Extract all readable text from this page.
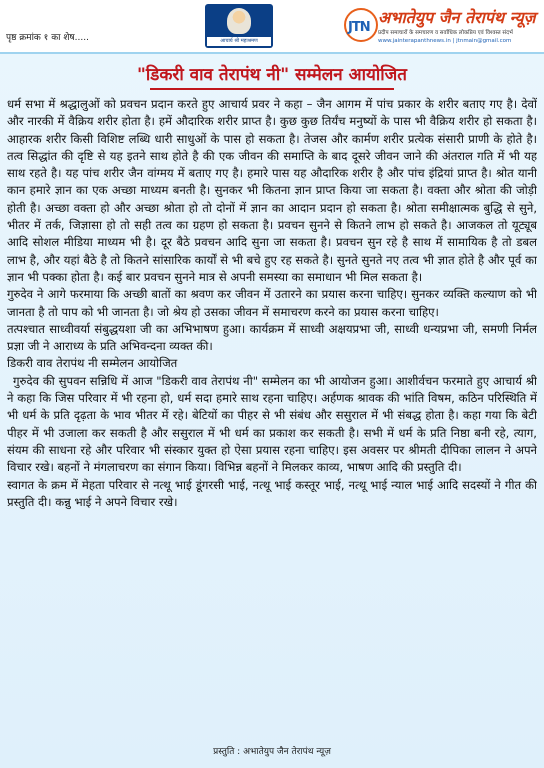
पृष्ठ क्रमांक १ का शेष.....	आचार्य श्री महाश्रमण
JTN
अभातेयुप जैन तेरापंथ न्यूज़
प्रदीप समाचारों के समचारण व सर्वाधिक लोकप्रिय एवं विश्वस्त संदर्भ
www.jainterapanthnews.in | jtnmain@gmail.com
"डिकरी वाव तेरापंथ नी" सम्मेलन आयोजित

धर्म सभा में श्रद्धालुओं को प्रवचन प्रदान करते हुए आचार्य प्रवर ने कहा – जैन आगम में पांच प्रकार के शरीर बताए गए है। देवों और नारकी में वैक्रिय शरीर होता है। हमें औदारिक शरीर प्राप्त है। कुछ कुछ तिर्यंच मनुष्यों के पास भी वैक्रिय शरीर हो सकता है। आहारक शरीर किसी विशिष्ट लब्धि धारी साधुओं के पास हो सकता है। तेजस और कार्मण शरीर प्रत्येक संसारी प्राणी के होते है। तत्व सिद्धांत की दृष्टि से यह इतने साथ होते है की एक जीवन की समाप्ति के बाद दूसरे जीवन जाने की अंतराल गति में भी यह साथ रहते है। यह पांच शरीर जैन वांग्मय में बताए गए है। हमारे पास यह औदारिक शरीर है और पांच इंद्रियां प्राप्त है। श्रोत यानी कान हमारे ज्ञान का एक अच्छा माध्यम बनती है। सुनकर भी कितना ज्ञान प्राप्त किया जा सकता है। वक्ता और श्रोता की जोड़ी होती है। अच्छा वक्ता हो और अच्छा श्रोता हो तो दोनों में ज्ञान का आदान प्रदान हो सकता है। श्रोता समीक्षात्मक बुद्धि से सुने, भीतर में तर्क, जिज्ञासा हो तो सही तत्व का ग्रहण हो सकता है। प्रवचन सुनने से कितने लाभ हो सकते है। आजकल तो यूट्यूब आदि सोशल मीडिया माध्यम भी है। दूर बैठे प्रवचन आदि सुना जा सकता है। प्रवचन सुन रहे है साथ में सामायिक है तो डबल लाभ है, और यहां बैठे है तो कितने सांसारिक कार्यों से भी बचे हुए रह सकते है। सुनते सुनते नए तत्व भी ज्ञात होते है और पूर्व का ज्ञान भी पक्का होता है। कई बार प्रवचन सुनने मात्र से अपनी समस्या का समाधान भी मिल सकता है।

गुरुदेव ने आगे फरमाया कि अच्छी बातों का श्रवण कर जीवन में उतारने का प्रयास करना चाहिए। सुनकर व्यक्ति कल्याण को भी जानता है तो पाप को भी जानता है। जो श्रेय हो उसका जीवन में समाचरण करने का प्रयास करना चाहिए।

तत्पश्चात साध्वीवर्या संबुद्धयशा जी का अभिभाषण हुआ। कार्यक्रम में साध्वी अक्षयप्रभा जी, साध्वी धन्यप्रभा जी, समणी निर्मल प्रज्ञा जी ने आराध्य के प्रति अभिवन्दना व्यक्त की।

डिकरी वाव तेरापंथ नी सम्मेलन आयोजित

गुरुदेव की सुपवन सन्निधि में आज "डिकरी वाव तेरापंथ नी" सम्मेलन का भी आयोजन हुआ। आशीर्वचन फरमाते हुए आचार्य श्री ने कहा कि जिस परिवार में भी रहना हो, धर्म सदा हमारे साथ रहना चाहिए। अर्हणक श्रावक की भांति विषम, कठिन परिस्थिति में भी धर्म के प्रति दृढ़ता के भाव भीतर में रहे। बेटियों का पीहर से भी संबंध और ससुराल में भी संबद्ध होता है। कहा गया कि बेटी पीहर में भी उजाला कर सकती है और ससुराल में भी धर्म का प्रकाश कर सकती है। सभी में धर्म के प्रति निष्ठा बनी रहे, त्याग, संयम की साधना रहे और परिवार भी संस्कार युक्त हो ऐसा प्रयास रहना चाहिए। इस अवसर पर श्रीमती दीपिका लालन ने अपने विचार रखे। बहनों ने मंगलाचरण का संगान किया। विभिन्न बहनों ने मिलकर काव्य, भाषण आदि की प्रस्तुति दी।

स्वागत के क्रम में मेहता परिवार से नत्थू भाई डूंगरसी भाई, नत्थू भाई कस्तूर भाई, नत्थू भाई न्याल भाई आदि सदस्यों ने गीत की प्रस्तुति दी। कन्नु भाई ने अपने विचार रखे।

प्रस्तुति : अभातेयुप जैन तेरापंथ न्यूज़
